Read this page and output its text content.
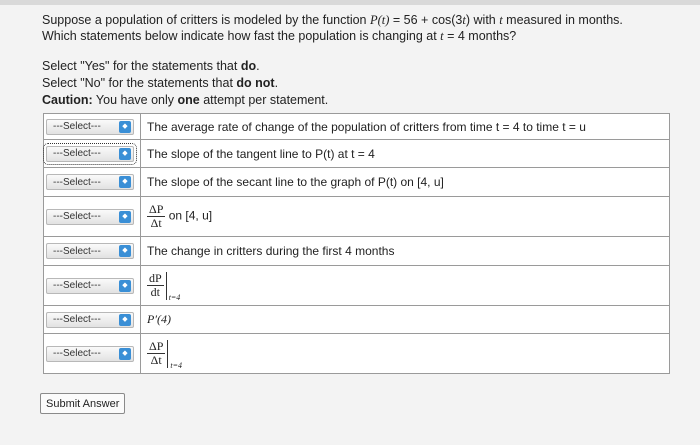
Suppose a population of critters is modeled by the function P(t) = 56 + cos(3t) with t measured in months.
Which statements below indicate how fast the population is changing at t = 4 months?
Select "Yes" for the statements that do.
Select "No" for the statements that do not.
Caution: You have only one attempt per statement.
---Select--- ◆	The average rate of change of the population of critters from time t = 4 to time t = u

---Select--- ◆	The slope of the tangent line to P(t) at t = 4

---Select--- ◆	The slope of the secant line to the graph of P(t) on [4, u]

---Select--- ◆	$\frac{\Delta P}{\Delta t}$ on [4, u]

---Select--- ◆	The change in critters during the first 4 months

---Select--- ◆	$\frac{dP}{dt} t=4$

---Select--- ◆	P′(4)

---Select--- ◆	$\frac{\Delta P}{\Delta t} t=4$
Submit Answer
